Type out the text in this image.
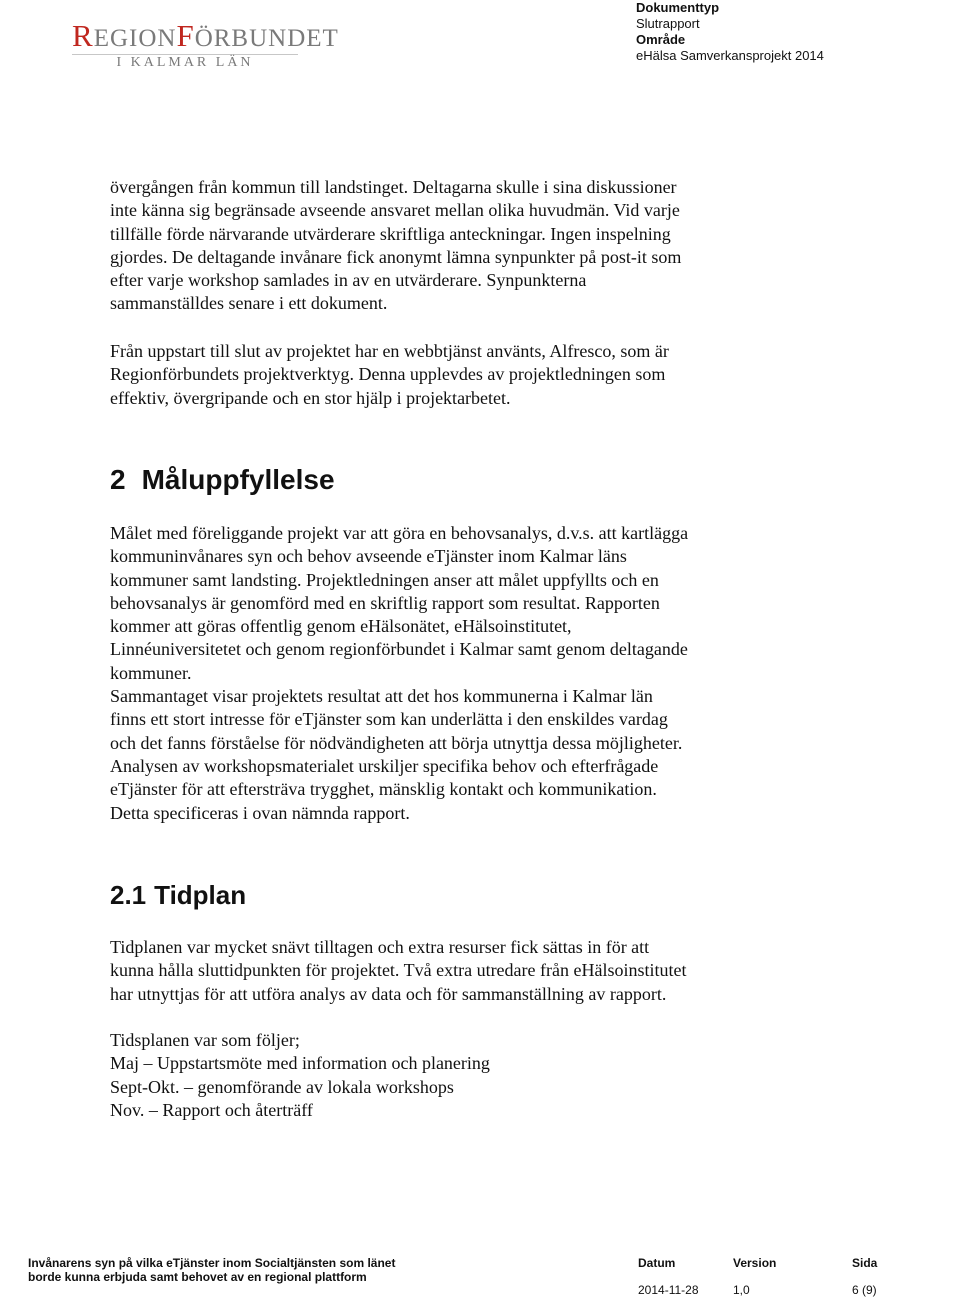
REGIONFÖRBUNDET
I KALMAR LÄN
Dokumenttyp
Slutrapport
Område
eHälsa Samverkansprojekt 2014

övergången från kommun till landstinget. Deltagarna skulle i sina diskussioner

inte känna sig begränsade avseende ansvaret mellan olika huvudmän. Vid varje

tillfälle förde närvarande utvärderare skriftliga anteckningar. Ingen inspelning

gjordes. De deltagande invånare fick anonymt lämna synpunkter på post-it som

efter varje workshop samlades in av en utvärderare. Synpunkterna

sammanställdes senare i ett dokument.

Från uppstart till slut av projektet har en webbtjänst använts, Alfresco, som är

Regionförbundets projektverktyg. Denna upplevdes av projektledningen som

effektiv, övergripande och en stor hjälp i projektarbetet.

2 Måluppfyllelse

Målet med föreliggande projekt var att göra en behovsanalys, d.v.s. att kartlägga

kommuninvånares syn och behov avseende eTjänster inom Kalmar läns

kommuner samt landsting. Projektledningen anser att målet uppfyllts och en

behovsanalys är genomförd med en skriftlig rapport som resultat. Rapporten

kommer att göras offentlig genom eHälsonätet, eHälsoinstitutet,

Linnéuniversitetet och genom regionförbundet i Kalmar samt genom deltagande

kommuner.

Sammantaget visar projektets resultat att det hos kommunerna i Kalmar län

finns ett stort intresse för eTjänster som kan underlätta i den enskildes vardag

och det fanns förståelse för nödvändigheten att börja utnyttja dessa möjligheter.

Analysen av workshopsmaterialet urskiljer specifika behov och efterfrågade

eTjänster för att eftersträva trygghet, mänsklig kontakt och kommunikation.

Detta specificeras i ovan nämnda rapport.

2.1 Tidplan

Tidplanen var mycket snävt tilltagen och extra resurser fick sättas in för att

kunna hålla sluttidpunkten för projektet. Två extra utredare från eHälsoinstitutet

har utnyttjas för att utföra analys av data och för sammanställning av rapport.

Tidsplanen var som följer;

Maj – Uppstartsmöte med information och planering

Sept-Okt. – genomförande av lokala workshops

Nov. – Rapport och återträff

Invånarens syn på vilka eTjänster inom Socialtjänsten som länet
borde kunna erbjuda samt behovet av en regional plattform
Datum
2014-11-28
Version
1,0
Sida
6 (9)
